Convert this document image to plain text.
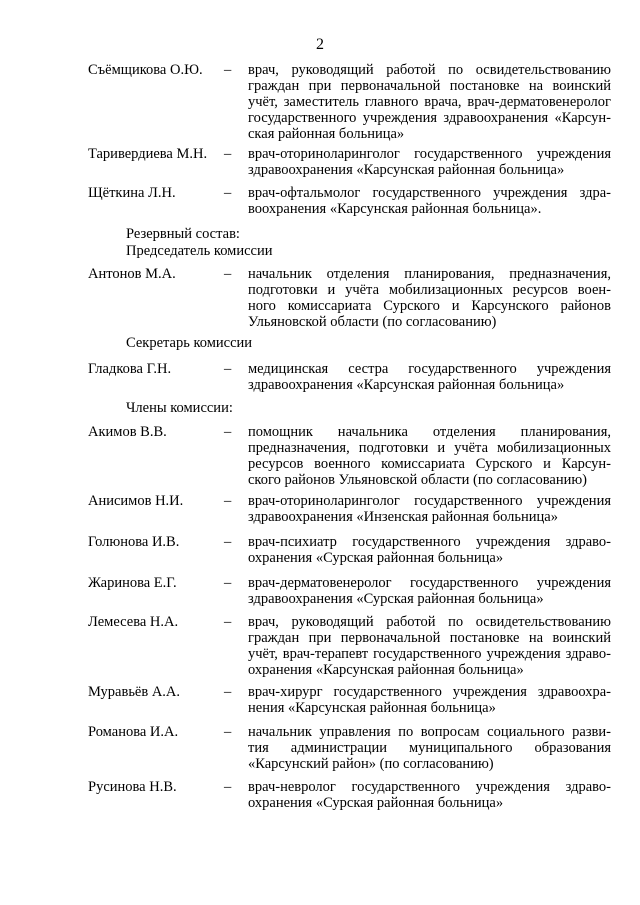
2
Съёмщикова О.Ю.	– врач, руководящий работой по освидетельствованию
граждан при первоначальной постановке на воинский
учёт, заместитель главного врача, врач-дерматовенеролог
государственного учреждения здравоохранения «Карсун-
ская районная больница»
Таривердиева М.Н.	– врач-оториноларинголог государственного учреждения
здравоохранения «Карсунская районная больница»
Щёткина Л.Н.	– врач-офтальмолог государственного учреждения здра-
воохранения «Карсунская районная больница».
Резервный состав:
Председатель комиссии
Антонов М.А.	– начальник отделения планирования, предназначения,
подготовки и учёта мобилизационных ресурсов воен-
ного комиссариата Сурского и Карсунского районов
Ульяновской области (по согласованию)
Секретарь комиссии
Гладкова Г.Н.	– медицинская сестра государственного учреждения
здравоохранения «Карсунская районная больница»
Члены комиссии:
Акимов В.В.	– помощник начальника отделения планирования,
предназначения, подготовки и учёта мобилизационных
ресурсов военного комиссариата Сурского и Карсун-
ского районов Ульяновской области (по согласованию)
Анисимов Н.И.	– врач-оториноларинголог государственного учреждения
здравоохранения «Инзенская районная больница»
Голюнова И.В.	– врач-психиатр государственного учреждения здраво-
охранения «Сурская районная больница»
Жаринова Е.Г.	– врач-дерматовенеролог государственного учреждения
здравоохранения «Сурская районная больница»
Лемесева Н.А.	– врач, руководящий работой по освидетельствованию
граждан при первоначальной постановке на воинский
учёт, врач-терапевт государственного учреждения здраво-
охранения «Карсунская районная больница»
Муравьёв А.А.	– врач-хирург государственного учреждения здравоохра-
нения «Карсунская районная больница»
Романова И.А.	– начальник управления по вопросам социального разви-
тия администрации муниципального образования
«Карсунский район» (по согласованию)
Русинова Н.В.	– врач-невролог государственного учреждения здраво-
охранения «Сурская районная больница»
